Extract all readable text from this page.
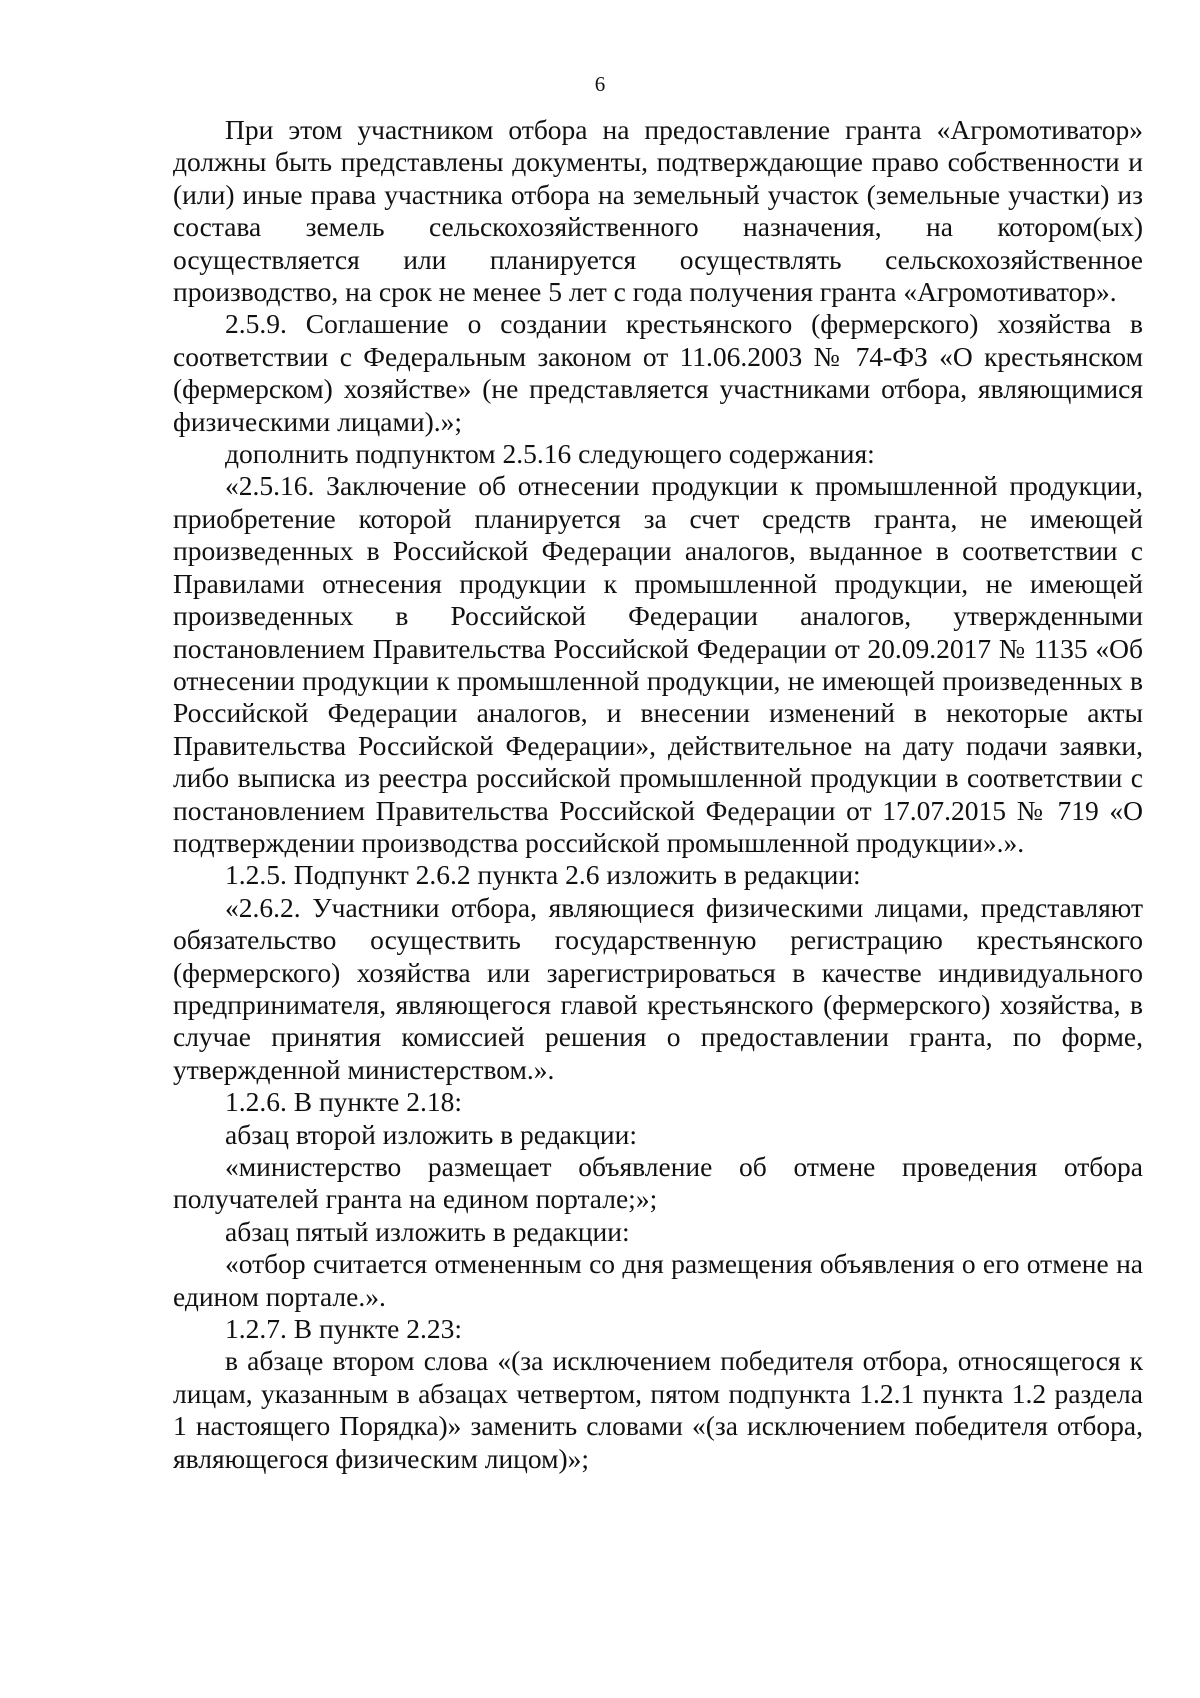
6

При этом участником отбора на предоставление гранта «Агромотиватор» должны быть представлены документы, подтверждающие право собственности и (или) иные права участника отбора на земельный участок (земельные участки) из состава земель сельскохозяйственного назначения, на котором(ых) осуществляется или планируется осуществлять сельскохозяйственное производство, на срок не менее 5 лет с года получения гранта «Агромотиватор».

2.5.9. Соглашение о создании крестьянского (фермерского) хозяйства в соответствии с Федеральным законом от 11.06.2003 № 74-ФЗ «О крестьянском (фермерском) хозяйстве» (не представляется участниками отбора, являющимися физическими лицами).»;

дополнить подпунктом 2.5.16 следующего содержания:

«2.5.16. Заключение об отнесении продукции к промышленной продукции, приобретение которой планируется за счет средств гранта, не имеющей произведенных в Российской Федерации аналогов, выданное в соответствии с Правилами отнесения продукции к промышленной продукции, не имеющей произведенных в Российской Федерации аналогов, утвержденными постановлением Правительства Российской Федерации от 20.09.2017 № 1135 «Об отнесении продукции к промышленной продукции, не имеющей произведенных в Российской Федерации аналогов, и внесении изменений в некоторые акты Правительства Российской Федерации», действительное на дату подачи заявки, либо выписка из реестра российской промышленной продукции в соответствии с постановлением Правительства Российской Федерации от 17.07.2015 № 719 «О подтверждении производства российской промышленной продукции».».

1.2.5. Подпункт 2.6.2 пункта 2.6 изложить в редакции:

«2.6.2. Участники отбора, являющиеся физическими лицами, представляют обязательство осуществить государственную регистрацию крестьянского (фермерского) хозяйства или зарегистрироваться в качестве индивидуального предпринимателя, являющегося главой крестьянского (фермерского) хозяйства, в случае принятия комиссией решения о предоставлении гранта, по форме, утвержденной министерством.».

1.2.6. В пункте 2.18:

абзац второй изложить в редакции:

«министерство размещает объявление об отмене проведения отбора получателей гранта на едином портале;»;

абзац пятый изложить в редакции:

«отбор считается отмененным со дня размещения объявления о его отмене на едином портале.».

1.2.7. В пункте 2.23:

в абзаце втором слова «(за исключением победителя отбора, относящегося к лицам, указанным в абзацах четвертом, пятом подпункта 1.2.1 пункта 1.2 раздела 1 настоящего Порядка)» заменить словами «(за исключением победителя отбора, являющегося физическим лицом)»;
